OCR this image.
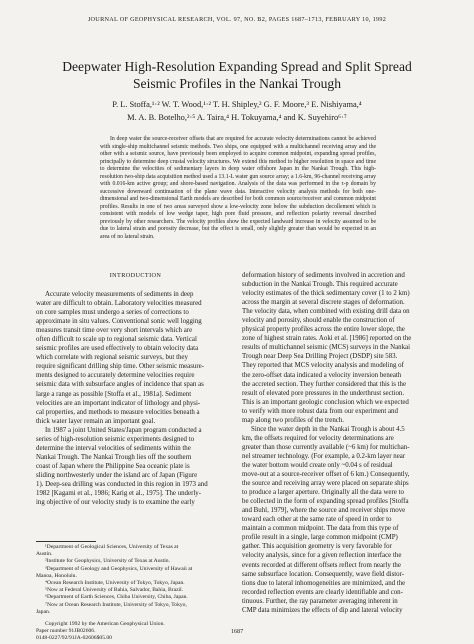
JOURNAL OF GEOPHYSICAL RESEARCH, VOL. 97, NO. B2, PAGES 1687–1713, FEBRUARY 10, 1992
Deepwater High-Resolution Expanding Spread and Split Spread
Seismic Profiles in the Nankai Trough
P. L. Stoffa,¹·² W. T. Wood,¹·² T. H. Shipley,² G. F. Moore,³ E. Nishiyama,⁴
M. A. B. Botelho,²·⁵ A. Taira,⁴ H. Tokuyama,⁴ and K. Suyehiro⁶·⁷
In deep water the source-receiver offsets that are required for accurate velocity determinations cannot be achieved with single-ship multichannel seismic methods. Two ships, one equipped with a multichannel receiving array and the other with a seismic source, have previously been employed to acquire common midpoint, expanding spread profiles, principally to determine deep crustal velocity structures. We extend this method to higher resolution in space and time to determine the velocities of sedimentary layers in deep water offshore Japan in the Nankai Trough. This high-resolution two-ship data acquisition method used a 13.1-L water gun source array; a 1.6-km, 96-channel receiving array with 0.016-km active group; and shore-based navigation. Analysis of the data was performed in the τ-p domain by successive downward continuation of the plane wave data. Interactive velocity analysis methods for both one-dimensional and two-dimensional Earth models are described for both common source/receiver and common midpoint profiles. Results in one of two areas surveyed show a low-velocity zone below the subduction decollement which is consistent with models of low wedge taper, high pore fluid pressure, and reflection polarity reversal described previously by other researchers. The velocity profiles show the expected landward increase in velocity assumed to be due to lateral strain and porosity decrease, but the effect is small, only slightly greater than would be expected in an area of no lateral strain.
INTRODUCTION
Accurate velocity measurements of sediments in deep
water are difficult to obtain. Laboratory velocities measured
on core samples must undergo a series of corrections to
approximate in situ values. Conventional sonic well logging
measures transit time over very short intervals which are
often difficult to scale up to regional seismic data. Vertical
seismic profiles are used effectively to obtain velocity data
which correlate with regional seismic surveys, but they
require significant drilling ship time. Other seismic measure-
ments designed to accurately determine velocities require
seismic data with subsurface angles of incidence that span as
large a range as possible [Stoffa et al., 1981a]. Sediment
velocities are an important indicator of lithology and physi-
cal properties, and methods to measure velocities beneath a
thick water layer remain an important goal.
In 1987 a joint United States/Japan program conducted a
series of high-resolution seismic experiments designed to
determine the interval velocities of sediments within the
Nankai Trough. The Nankai Trough lies off the southern
coast of Japan where the Philippine Sea oceanic plate is
sliding northwesterly under the island arc of Japan (Figure
1). Deep-sea drilling was conducted in this region in 1973 and
1982 [Kagami et al., 1986; Karig et al., 1975]. The underly-
ing objective of our velocity study is to examine the early
deformation history of sediments involved in accretion and
subduction in the Nankai Trough. This required accurate
velocity estimates of the thick sedimentary cover (1 to 2 km)
across the margin at several discrete stages of deformation.
The velocity data, when combined with existing drill data on
velocity and porosity, should enable the construction of
physical property profiles across the entire lower slope, the
zone of highest strain rates. Aoki et al. [1986] reported on the
results of multichannel seismic (MCS) surveys in the Nankai
Trough near Deep Sea Drilling Project (DSDP) site 583.
They reported that MCS velocity analysis and modeling of
the zero-offset data indicated a velocity inversion beneath
the accreted section. They further considered that this is the
result of elevated pore pressures in the underthrust section.
This is an important geologic conclusion which we expected
to verify with more robust data from our experiment and
map along two profiles of the trench.
Since the water depth in the Nankai Trough is about 4.5
km, the offsets required for velocity determinations are
greater than those currently available (~6 km) for multichan-
nel streamer technology. (For example, a 0.2-km layer near
the water bottom would create only ~0.04 s of residual
move-out at a source-receiver offset of 6 km.) Consequently,
the source and receiving array were placed on separate ships
to produce a larger aperture. Originally all the data were to
be collected in the form of expanding spread profiles [Stoffa
and Buhl, 1979], where the source and receiver ships move
toward each other at the same rate of speed in order to
maintain a common midpoint. The data from this type of
profile result in a single, large common midpoint (CMP)
gather. This acquisition geometry is very favorable for
velocity analysis, since for a given reflection interface the
events recorded at different offsets reflect from nearly the
same subsurface location. Consequently, wave field distor-
tions due to lateral inhomogeneities are minimized, and the
recorded reflection events are clearly identifiable and con-
tinuous. Further, the ray parameter averaging inherent in
CMP data minimizes the effects of dip and lateral velocity
¹Department of Geological Sciences, University of Texas at
Austin.
²Institute for Geophysics, University of Texas at Austin.
³Department of Geology and Geophysics, University of Hawaii at
Manoa, Honolulu.
⁴Ocean Research Institute, University of Tokyo, Tokyo, Japan.
⁵Now at Federal University of Bahia, Salvador, Bahia, Brazil.
⁶Department of Earth Sciences, Chiba University, Chiba, Japan.
⁷Now at Ocean Research Institute, University of Tokyo, Tokyo,
Japan.
Copyright 1992 by the American Geophysical Union.
Paper number 91JB02606.
0148-0227/92/91JA-02606$05.00
1687
